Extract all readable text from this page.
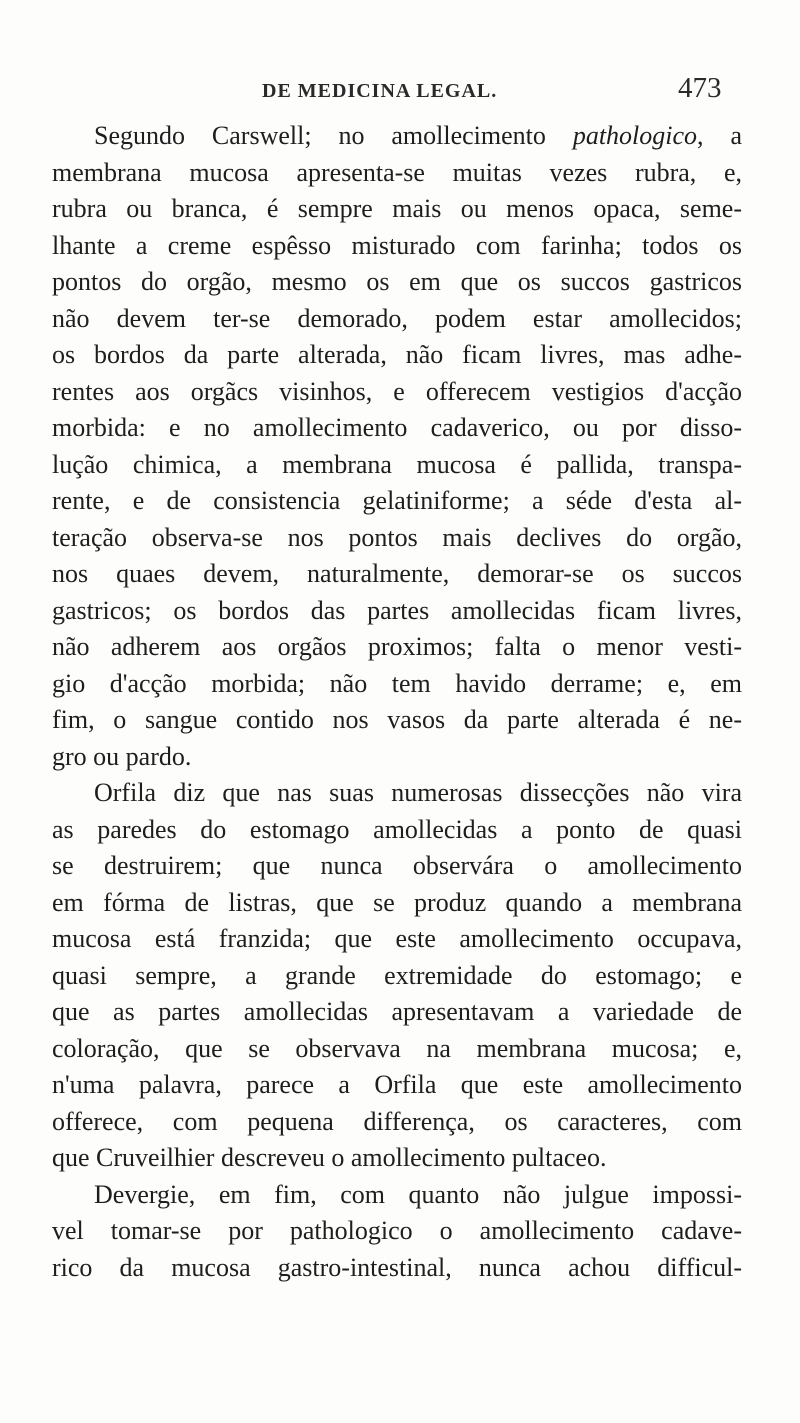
DE MEDICINA LEGAL.	473
Segundo Carswell; no amollecimento pathologico, a
membrana mucosa apresenta-se muitas vezes rubra, e,
rubra ou branca, é sempre mais ou menos opaca, seme-
lhante a creme espêsso misturado com farinha; todos os
pontos do orgão, mesmo os em que os succos gastricos
não devem ter-se demorado, podem estar amollecidos;
os bordos da parte alterada, não ficam livres, mas adhe-
rentes aos orgãcs visinhos, e offerecem vestigios d'acção
morbida: e no amollecimento cadaverico, ou por disso-
lução chimica, a membrana mucosa é pallida, transpa-
rente, e de consistencia gelatiniforme; a séde d'esta al-
teração observa-se nos pontos mais declives do orgão,
nos quaes devem, naturalmente, demorar-se os succos
gastricos; os bordos das partes amollecidas ficam livres,
não adherem aos orgãos proximos; falta o menor vesti-
gio d'acção morbida; não tem havido derrame; e, em
fim, o sangue contido nos vasos da parte alterada é ne-
gro ou pardo.
Orfila diz que nas suas numerosas dissecções não vira
as paredes do estomago amollecidas a ponto de quasi
se destruirem; que nunca observára o amollecimento
em fórma de listras, que se produz quando a membrana
mucosa está franzida; que este amollecimento occupava,
quasi sempre, a grande extremidade do estomago; e
que as partes amollecidas apresentavam a variedade de
coloração, que se observava na membrana mucosa; e,
n'uma palavra, parece a Orfila que este amollecimento
offerece, com pequena differença, os caracteres, com
que Cruveilhier descreveu o amollecimento pultaceo.
Devergie, em fim, com quanto não julgue impossi-
vel tomar-se por pathologico o amollecimento cadave-
rico da mucosa gastro-intestinal, nunca achou difficul-
